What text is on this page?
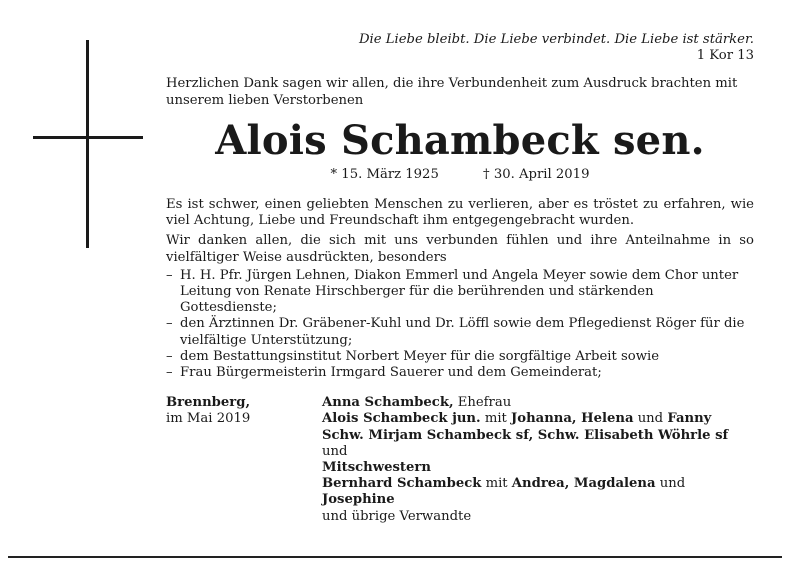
Die Liebe bleibt. Die Liebe verbindet. Die Liebe ist stärker.
1 Kor 13
Herzlichen Dank sagen wir allen, die ihre Verbundenheit zum Ausdruck brachten mit unserem lieben Verstorbenen
Alois Schambeck sen.
* 15. März 1925	† 30. April 2019
Es ist schwer, einen geliebten Menschen zu verlieren, aber es tröstet zu erfahren, wie viel Achtung, Liebe und Freundschaft ihm entgegengebracht wurden.
Wir danken allen, die sich mit uns verbunden fühlen und ihre Anteilnahme in so vielfältiger Weise ausdrückten, besonders
– H. H. Pfr. Jürgen Lehnen, Diakon Emmerl und Angela Meyer sowie dem Chor unter Leitung von Renate Hirschberger für die berührenden und stärkenden Gottesdienste;
– den Ärztinnen Dr. Gräbener-Kuhl und Dr. Löffl sowie dem Pflegedienst Röger für die vielfältige Unterstützung;
– dem Bestattungsinstitut Norbert Meyer für die sorgfältige Arbeit sowie
– Frau Bürgermeisterin Irmgard Sauerer und dem Gemeinderat;
Brennberg,
im Mai 2019
Anna Schambeck, Ehefrau
Alois Schambeck jun. mit Johanna, Helena und Fanny
Schw. Mirjam Schambeck sf, Schw. Elisabeth Wöhrle sf und
Mitschwestern
Bernhard Schambeck mit Andrea, Magdalena und Josephine
und übrige Verwandte
